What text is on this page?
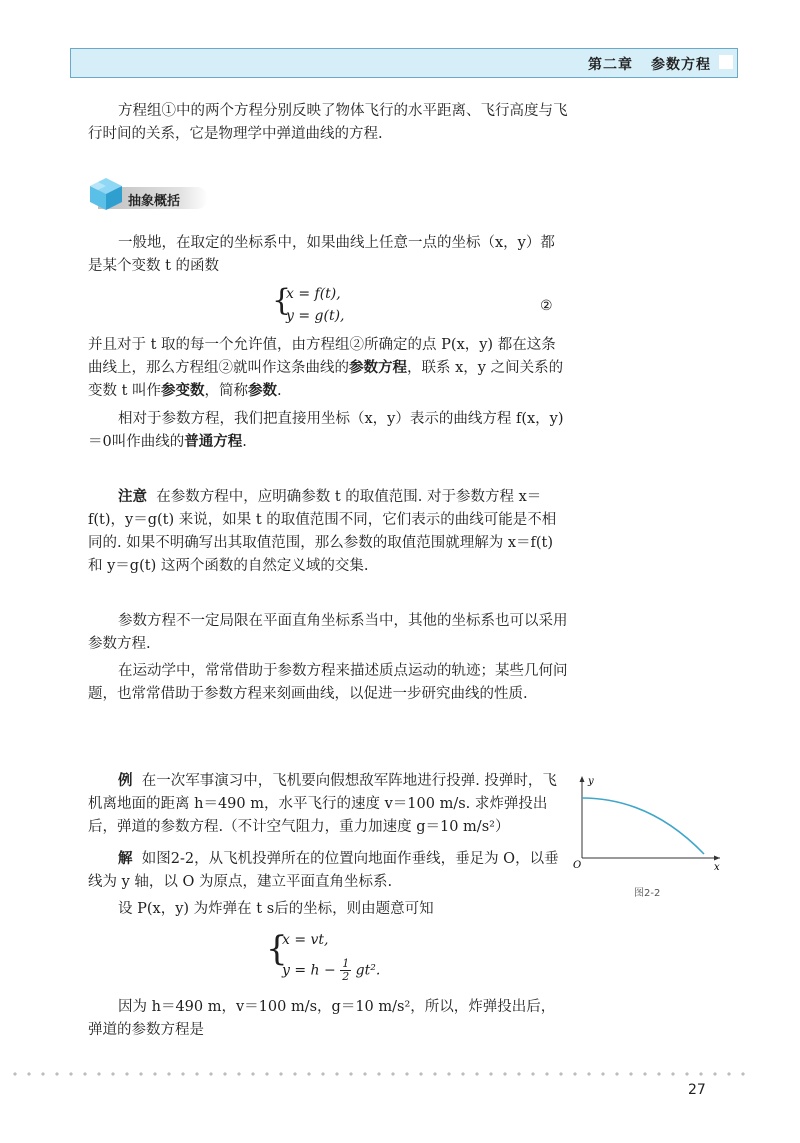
第二章 参数方程

方程组①中的两个方程分别反映了物体飞行的水平距离、飞行高度与飞行时间的关系，它是物理学中弹道曲线的方程.

抽象概括

一般地，在取定的坐标系中，如果曲线上任意一点的坐标（x，y）都是某个变数 t 的函数

{
x = f(t),
y = g(t),
②

并且对于 t 取的每一个允许值，由方程组②所确定的点 P(x，y) 都在这条曲线上，那么方程组②就叫作这条曲线的参数方程，联系 x，y 之间关系的变数 t 叫作参变数，简称参数.

相对于参数方程，我们把直接用坐标（x，y）表示的曲线方程 f(x，y)＝0叫作曲线的普通方程.

注意 在参数方程中，应明确参数 t 的取值范围. 对于参数方程 x＝f(t)，y＝g(t) 来说，如果 t 的取值范围不同，它们表示的曲线可能是不相同的. 如果不明确写出其取值范围，那么参数的取值范围就理解为 x＝f(t) 和 y＝g(t) 这两个函数的自然定义域的交集.

参数方程不一定局限在平面直角坐标系当中，其他的坐标系也可以采用参数方程.

在运动学中，常常借助于参数方程来描述质点运动的轨迹；某些几何问题，也常常借助于参数方程来刻画曲线，以促进一步研究曲线的性质.

例 在一次军事演习中，飞机要向假想敌军阵地进行投弹. 投弹时，飞机离地面的距离 h＝490 m，水平飞行的速度 v＝100 m/s. 求炸弹投出后，弹道的参数方程.（不计空气阻力，重力加速度 g＝10 m/s²）

解 如图2-2，从飞机投弹所在的位置向地面作垂线，垂足为 O，以垂线为 y 轴，以 O 为原点，建立平面直角坐标系.

设 P(x，y) 为炸弹在 t s后的坐标，则由题意可知

{
x = vt,
$y = h - \frac{1}{2} gt^2$.

因为 h＝490 m，v＝100 m/s，g＝10 m/s²，所以，炸弹投出后，弹道的参数方程是

y
x
O
图2-2
27
